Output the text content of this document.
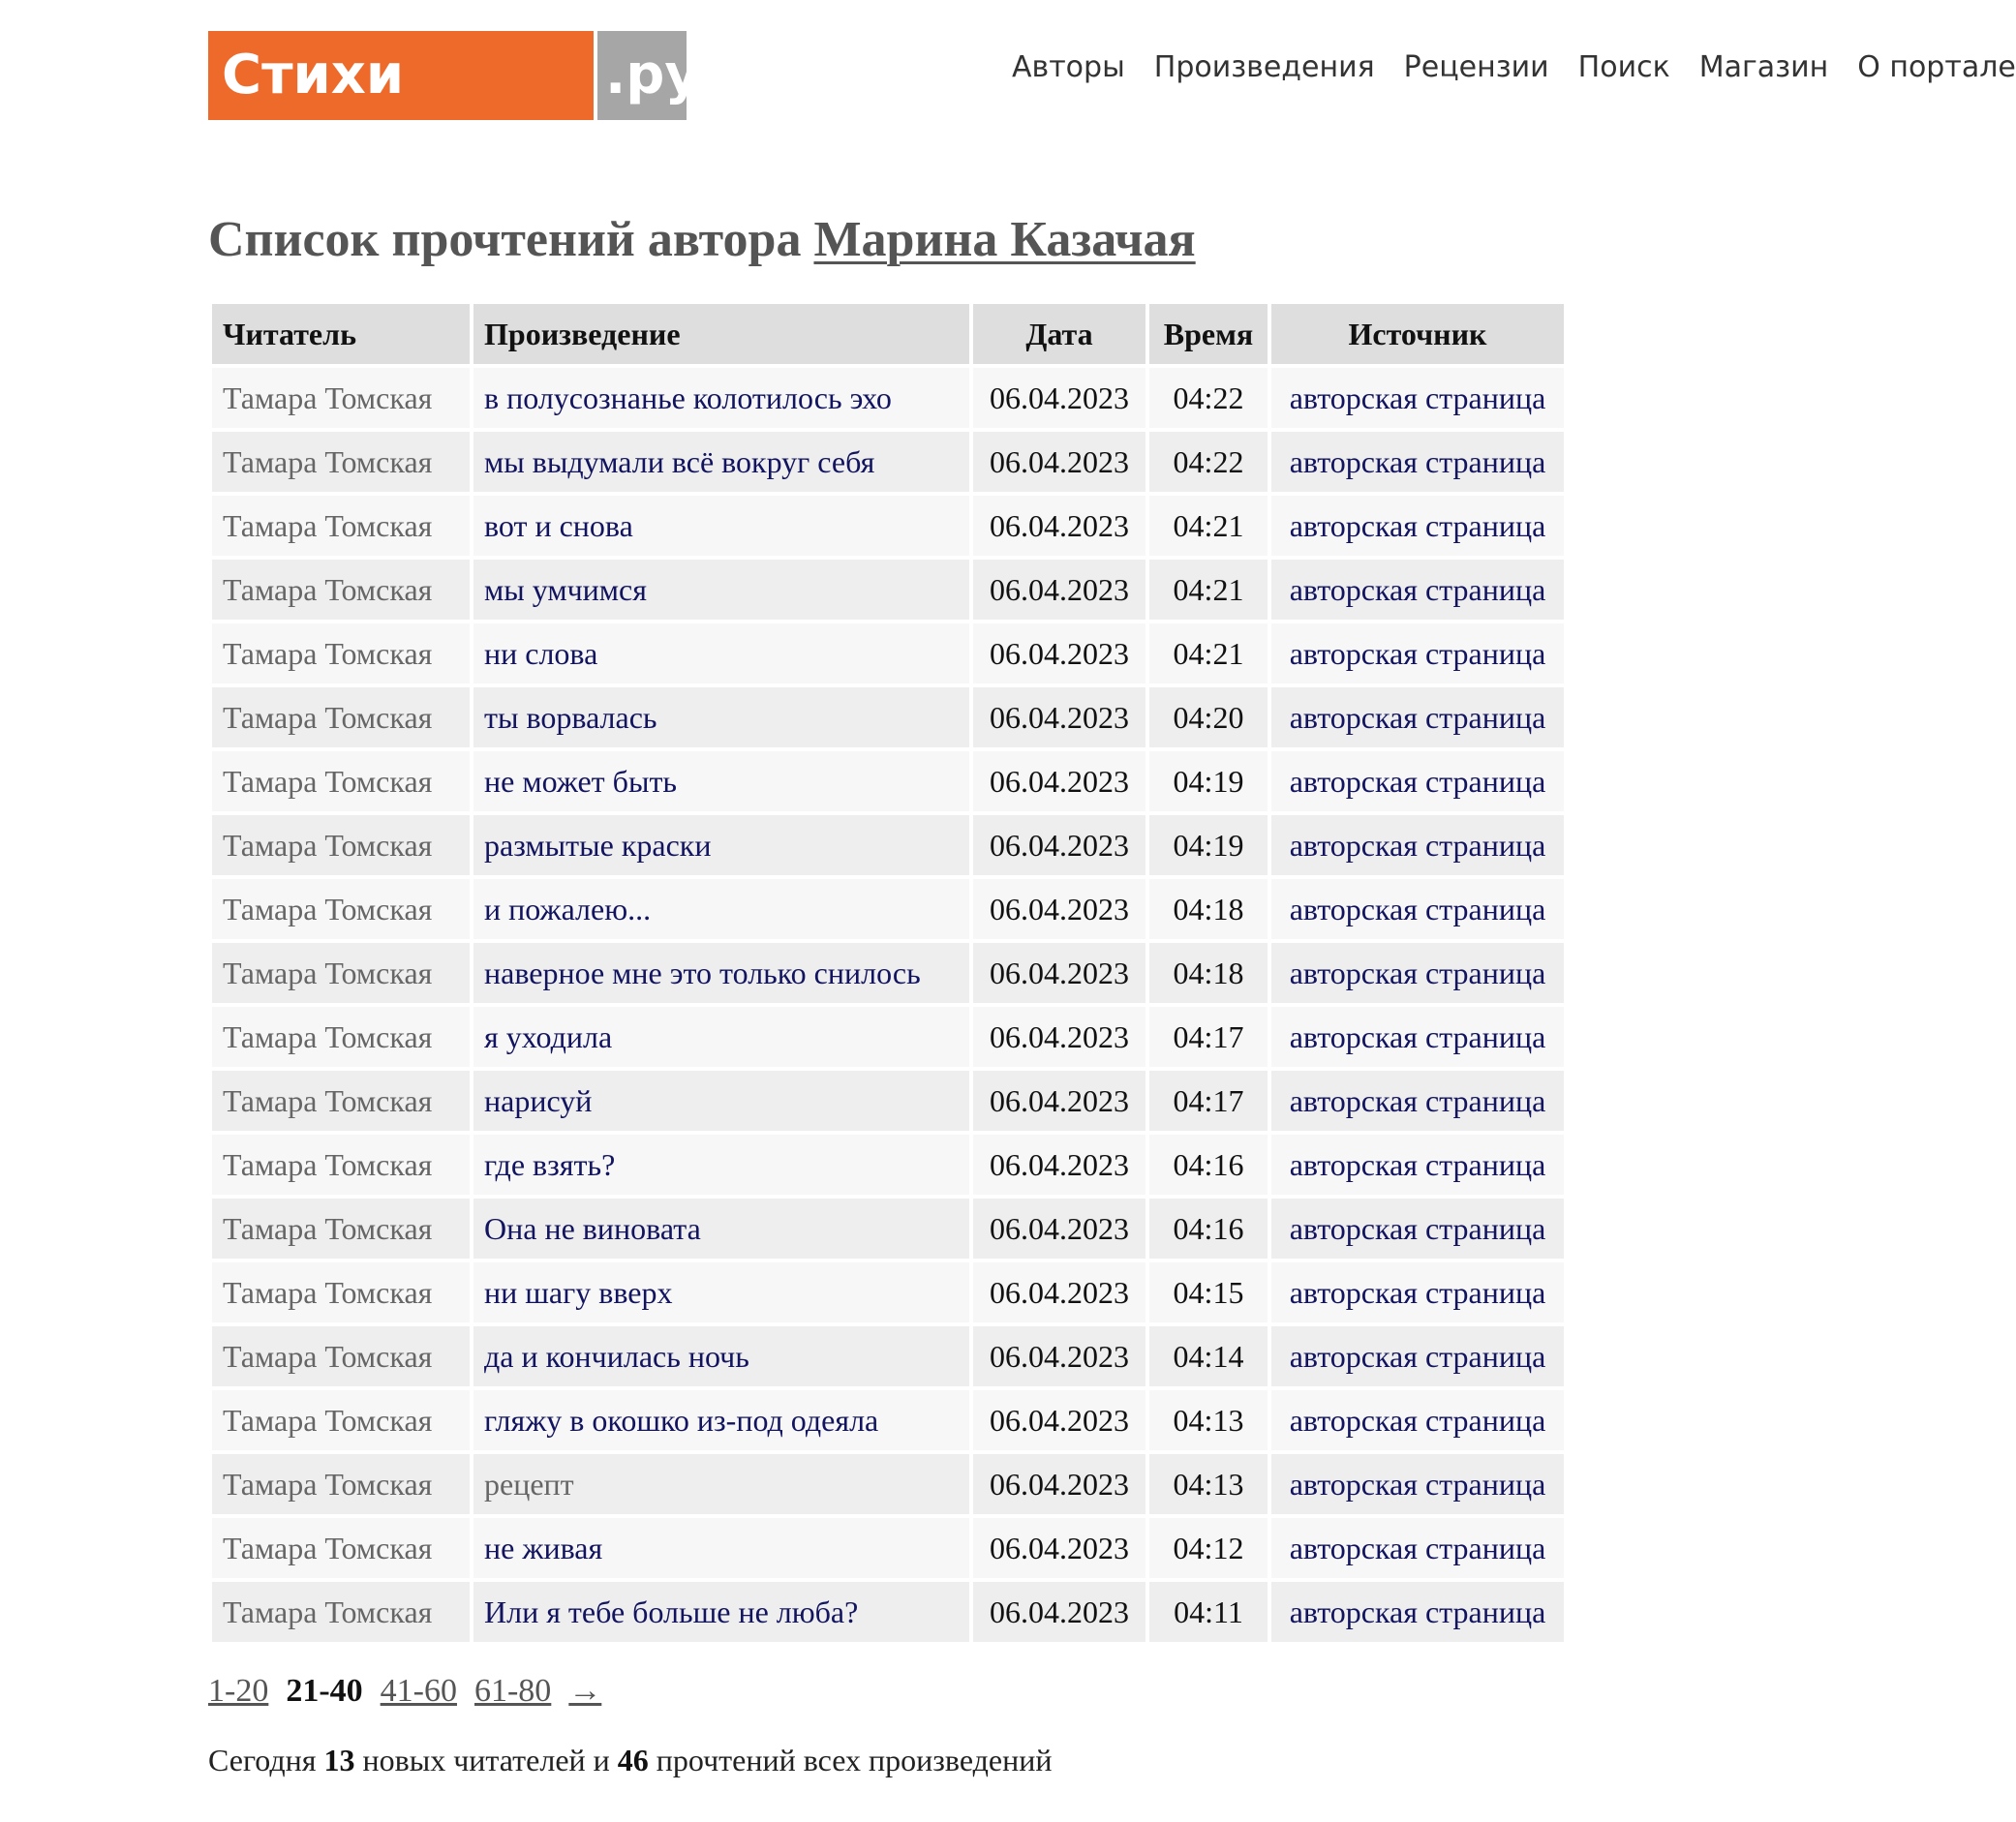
Стихи	.ру	Авторы Произведения Рецензии Поиск Магазин О портале
Список прочтений автора Марина Казачая
Читатель	Произведение	Дата	Время	Источник
Тамара Томская	в полусознанье колотилось эхо	06.04.2023	04:22	авторская страница
Тамара Томская	мы выдумали всё вокруг себя	06.04.2023	04:22	авторская страница
Тамара Томская	вот и снова	06.04.2023	04:21	авторская страница
Тамара Томская	мы умчимся	06.04.2023	04:21	авторская страница
Тамара Томская	ни слова	06.04.2023	04:21	авторская страница
Тамара Томская	ты ворвалась	06.04.2023	04:20	авторская страница
Тамара Томская	не может быть	06.04.2023	04:19	авторская страница
Тамара Томская	размытые краски	06.04.2023	04:19	авторская страница
Тамара Томская	и пожалею...	06.04.2023	04:18	авторская страница
Тамара Томская	наверное мне это только снилось	06.04.2023	04:18	авторская страница
Тамара Томская	я уходила	06.04.2023	04:17	авторская страница
Тамара Томская	нарисуй	06.04.2023	04:17	авторская страница
Тамара Томская	где взять?	06.04.2023	04:16	авторская страница
Тамара Томская	Она не виновата	06.04.2023	04:16	авторская страница
Тамара Томская	ни шагу вверх	06.04.2023	04:15	авторская страница
Тамара Томская	да и кончилась ночь	06.04.2023	04:14	авторская страница
Тамара Томская	гляжу в окошко из-под одеяла	06.04.2023	04:13	авторская страница
Тамара Томская	рецепт	06.04.2023	04:13	авторская страница
Тамара Томская	не живая	06.04.2023	04:12	авторская страница
Тамара Томская	Или я тебе больше не люба?	06.04.2023	04:11	авторская страница
1-20 21-40 41-60 61-80 →
Сегодня 13 новых читателей и 46 прочтений всех произведений
